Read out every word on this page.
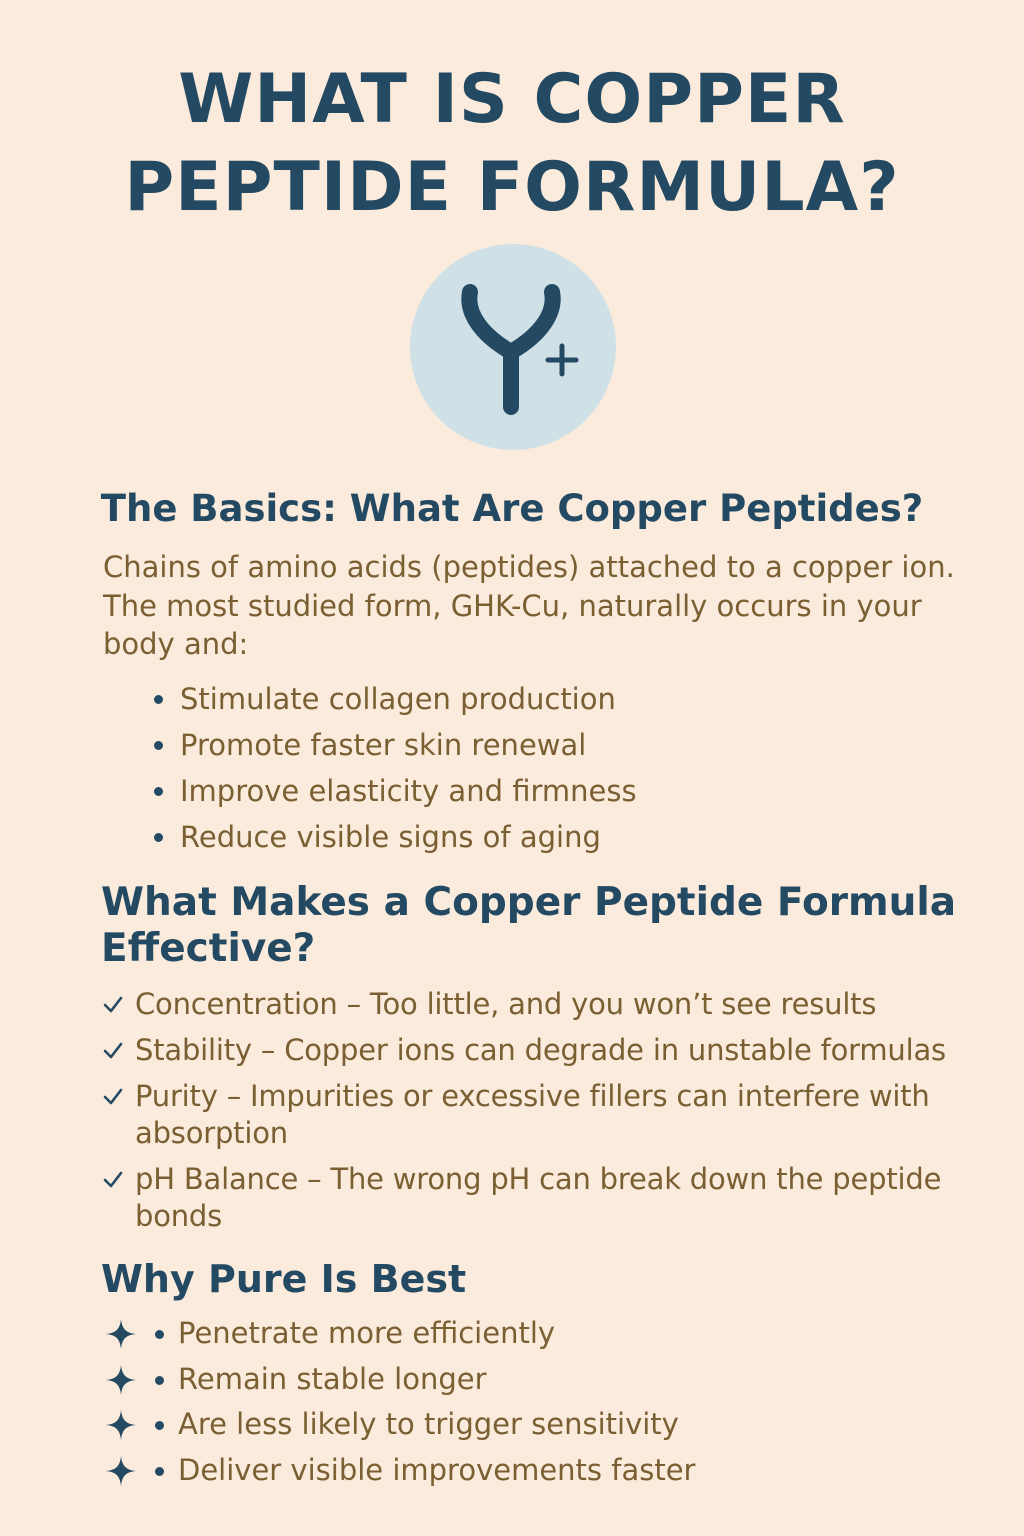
WHAT IS COPPER
PEPTIDE FORMULA?
The Basics: What Are Copper Peptides?

Chains of amino acids (peptides) attached to a copper ion. The most studied form, GHK-Cu, naturally occurs in your body and:

Stimulate collagen production
Promote faster skin renewal
Improve elasticity and firmness
Reduce visible signs of aging
What Makes a Copper Peptide Formula Effective?
Concentration – Too little, and you won’t see results
Stability – Copper ions can degrade in unstable formulas
Purity – Impurities or excessive fillers can interfere with absorption
pH Balance – The wrong pH can break down the peptide bonds
Why Pure Is Best
Penetrate more efficiently
Remain stable longer
Are less likely to trigger sensitivity
Deliver visible improvements faster
